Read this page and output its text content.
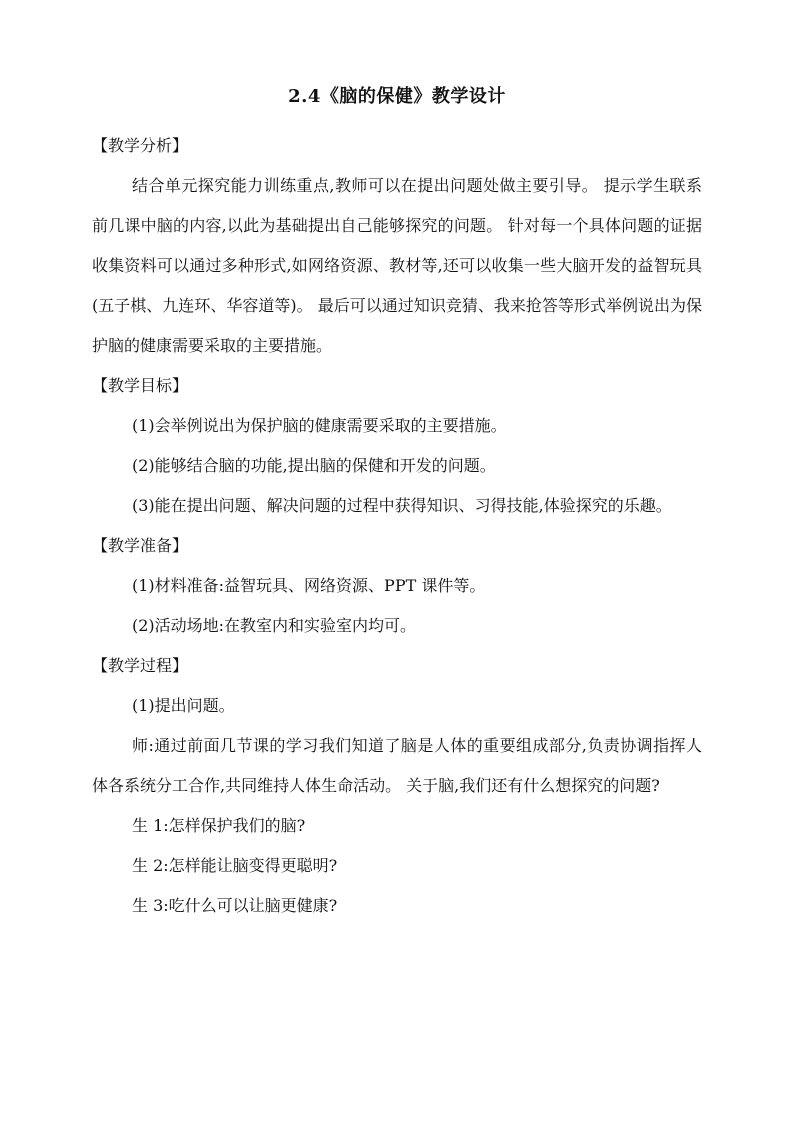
2.4《脑的保健》教学设计

【教学分析】

结合单元探究能力训练重点,教师可以在提出问题处做主要引导。 提示学生联系前几课中脑的内容,以此为基础提出自己能够探究的问题。 针对每一个具体问题的证据收集资料可以通过多种形式,如网络资源、教材等,还可以收集一些大脑开发的益智玩具(五子棋、九连环、华容道等)。 最后可以通过知识竞猜、我来抢答等形式举例说出为保护脑的健康需要采取的主要措施。

【教学目标】

(1)会举例说出为保护脑的健康需要采取的主要措施。

(2)能够结合脑的功能,提出脑的保健和开发的问题。

(3)能在提出问题、解决问题的过程中获得知识、习得技能,体验探究的乐趣。

【教学准备】

(1)材料准备:益智玩具、网络资源、PPT 课件等。

(2)活动场地:在教室内和实验室内均可。

【教学过程】

(1)提出问题。

师:通过前面几节课的学习我们知道了脑是人体的重要组成部分,负责协调指挥人体各系统分工合作,共同维持人体生命活动。 关于脑,我们还有什么想探究的问题?

生 1:怎样保护我们的脑?

生 2:怎样能让脑变得更聪明?

生 3:吃什么可以让脑更健康?
